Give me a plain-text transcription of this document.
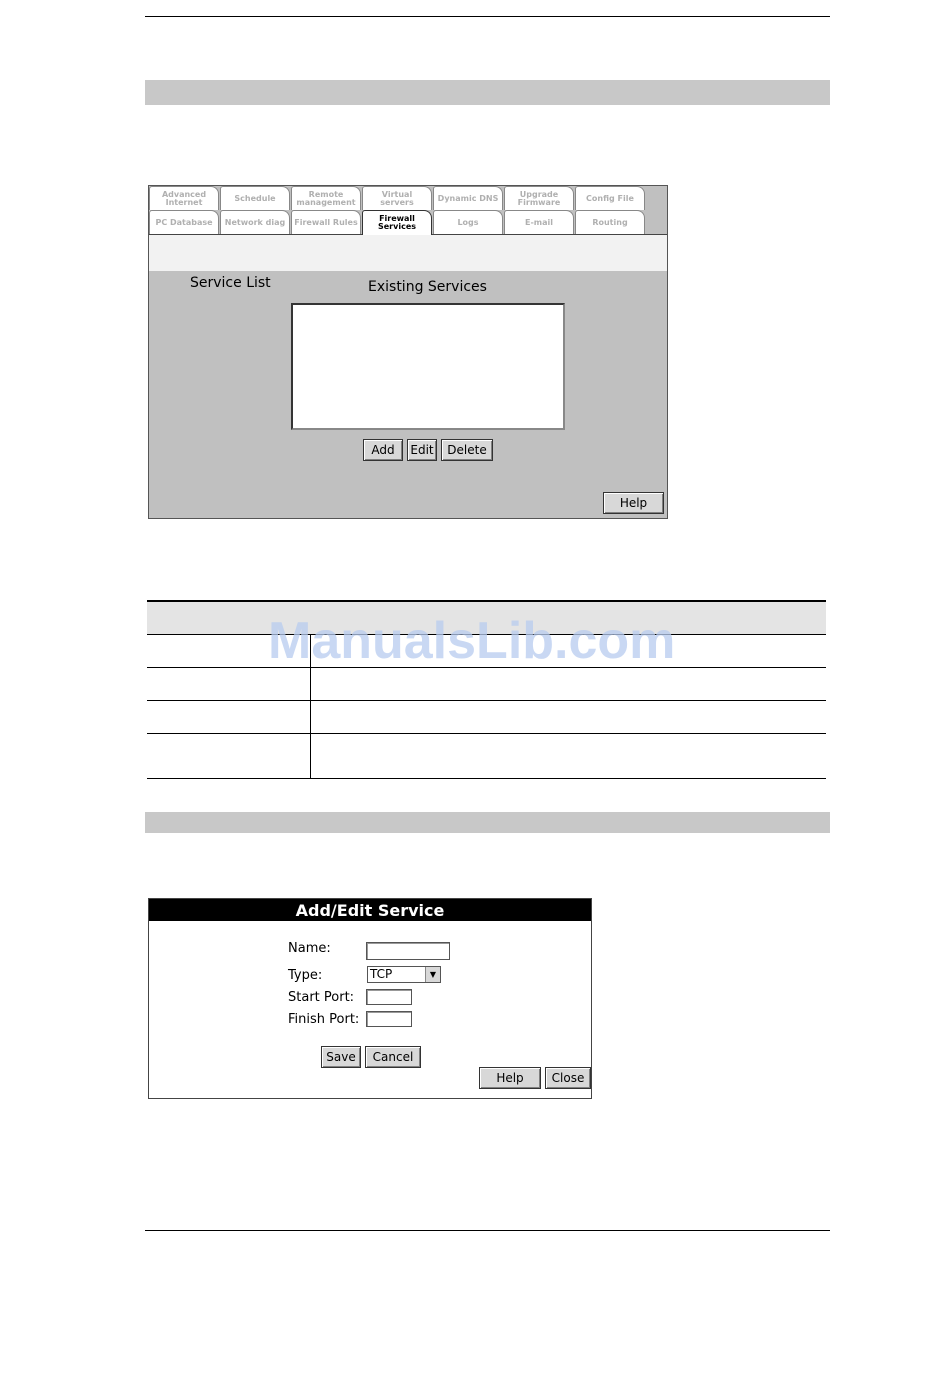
Advanced Internet	Schedule	Remote management
Virtual servers	Dynamic DNS	Upgrade Firmware	Config File
PC Database	Network diag	Firewall Rules	Firewall Services	Logs	E-mail	Routing
Service List	Existing Services
Add	Edit	Delete
Help
ManualsLib.com
Add/Edit Service
Name:
Type:	TCP	▼
Start Port:
Finish Port:
Save	Cancel
Help	Close
